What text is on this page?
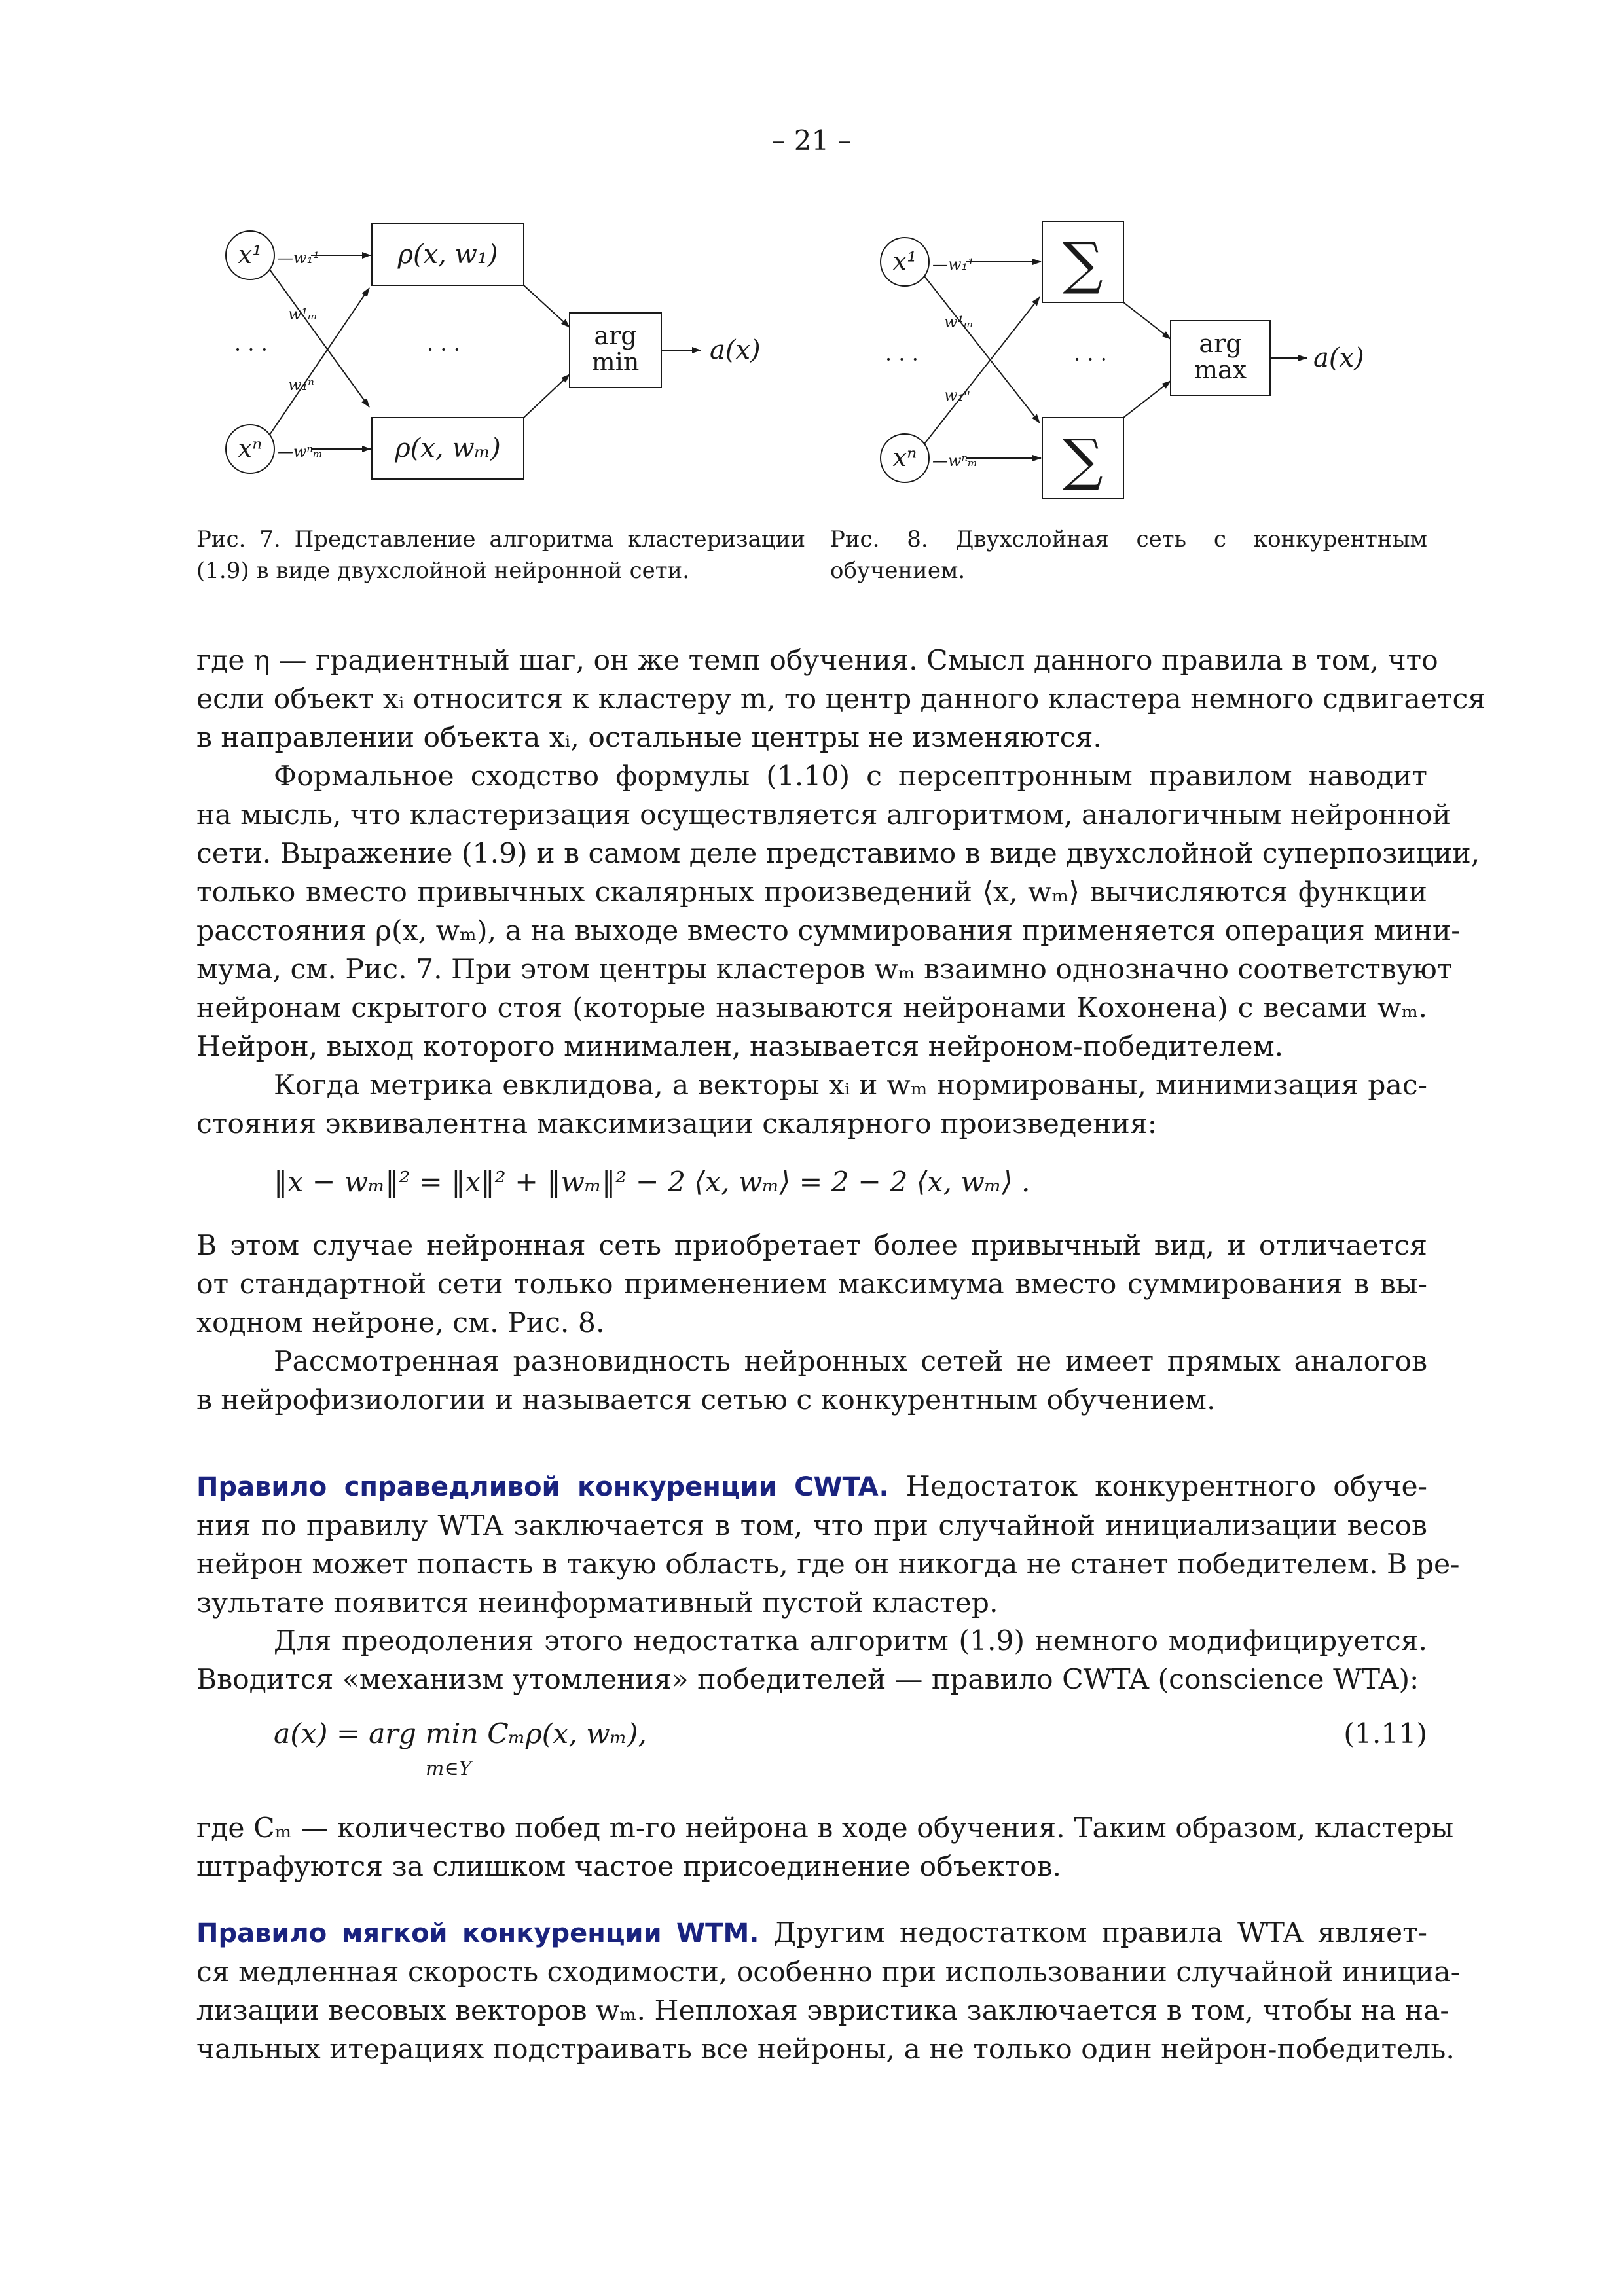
– 21 –
x¹
xⁿ
—w₁¹
w¹ₘ
w₁ⁿ
—wⁿₘ
· · ·	· · ·
ρ(x, w₁)
ρ(x, wₘ)
arg
min	a(x)
x¹
xⁿ
—w₁¹
w¹ₘ
w₁ⁿ
—wⁿₘ
· · ·	· · ·
∑
∑
arg
max	a(x)
Рис. 7. Представление алгоритма кластеризации (1.9) в виде двухслойной нейронной сети.
Рис. 8. Двухслойная сеть с конкурентным обучением.
где η — градиентный шаг, он же темп обучения. Смысл данного правила в том, что
если объект xᵢ относится к кластеру m, то центр данного кластера немного сдвигается
в направлении объекта xᵢ, остальные центры не изменяются.
Формальное сходство формулы (1.10) с персептронным правилом наводит
на мысль, что кластеризация осуществляется алгоритмом, аналогичным нейронной
сети. Выражение (1.9) и в самом деле представимо в виде двухслойной суперпозиции,
только вместо привычных скалярных произведений ⟨x, wₘ⟩ вычисляются функции
расстояния ρ(x, wₘ), а на выходе вместо суммирования применяется операция мини-
мума, см. Рис. 7. При этом центры кластеров wₘ взаимно однозначно соответствуют
нейронам скрытого стоя (которые называются нейронами Кохонена) с весами wₘ.
Нейрон, выход которого минимален, называется нейроном-победителем.
Когда метрика евклидова, а векторы xᵢ и wₘ нормированы, минимизация рас-
стояния эквивалентна максимизации скалярного произведения:
‖x − wₘ‖² = ‖x‖² + ‖wₘ‖² − 2 ⟨x, wₘ⟩ = 2 − 2 ⟨x, wₘ⟩ .
В этом случае нейронная сеть приобретает более привычный вид, и отличается
от стандартной сети только применением максимума вместо суммирования в вы-
ходном нейроне, см. Рис. 8.
Рассмотренная разновидность нейронных сетей не имеет прямых аналогов
в нейрофизиологии и называется сетью с конкурентным обучением.
Правило справедливой конкуренции CWTA. Недостаток конкурентного обуче-
ния по правилу WTA заключается в том, что при случайной инициализации весов
нейрон может попасть в такую область, где он никогда не станет победителем. В ре-
зультате появится неинформативный пустой кластер.
Для преодоления этого недостатка алгоритм (1.9) немного модифицируется.
Вводится «механизм утомления» победителей — правило CWTA (conscience WTA):
a(x) = arg min Cₘρ(x, wₘ),
m∈Y
(1.11)
где Cₘ — количество побед m-го нейрона в ходе обучения. Таким образом, кластеры
штрафуются за слишком частое присоединение объектов.
Правило мягкой конкуренции WTM. Другим недостатком правила WTA являет-
ся медленная скорость сходимости, особенно при использовании случайной инициа-
лизации весовых векторов wₘ. Неплохая эвристика заключается в том, чтобы на на-
чальных итерациях подстраивать все нейроны, а не только один нейрон-победитель.
